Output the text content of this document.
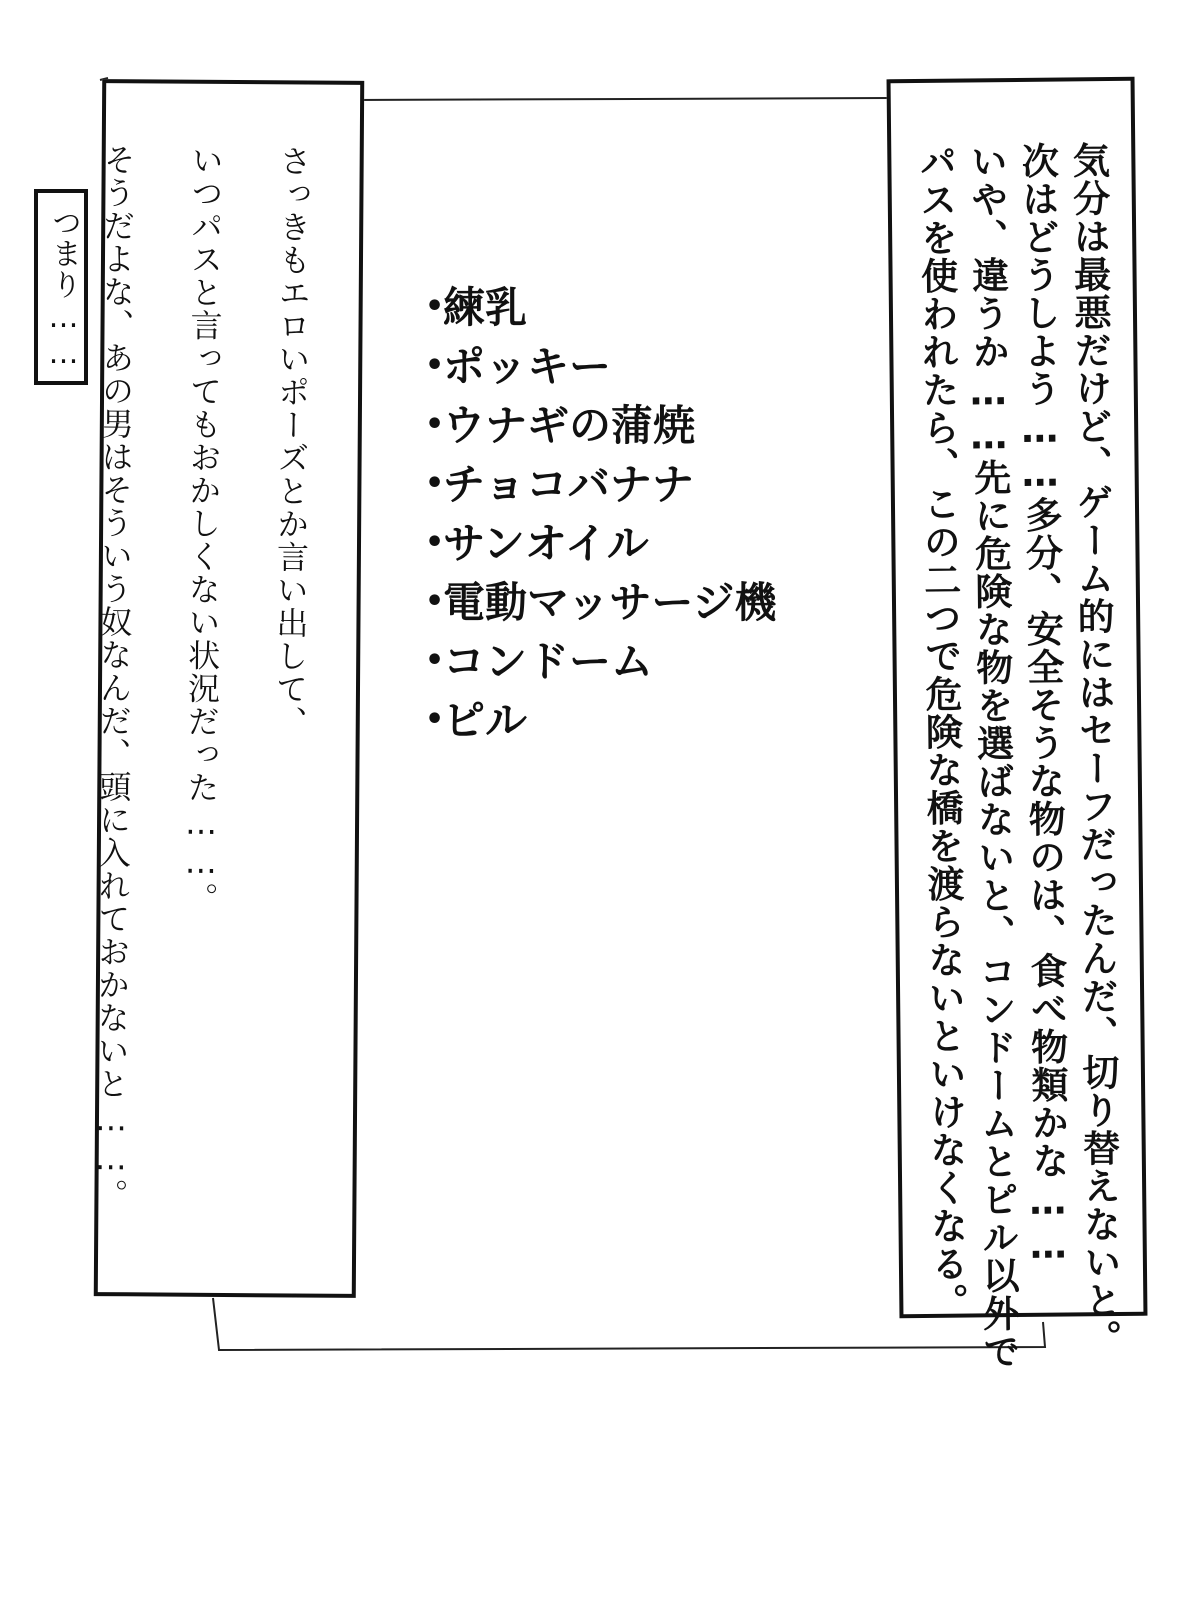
つまり……	さっきもエロいポーズとか言い出して、
いつパスと言ってもおかしくない状況だった……。
そうだよな、あの男はそういう奴なんだ、頭に入れておかないと……。	•練乳
•ポッキー
•ウナギの蒲焼
•チョコバナナ
•サンオイル
•電動マッサージ機
•コンドーム
•ピル	気分は最悪だけど、ゲーム的にはセーフだったんだ、切り替えないと。
次はどうしよう……多分、安全そうな物のは、食べ物類かな……
いや、違うか……先に危険な物を選ばないと、コンドームとピル以外で
パスを使われたら、この二つで危険な橋を渡らないといけなくなる。
